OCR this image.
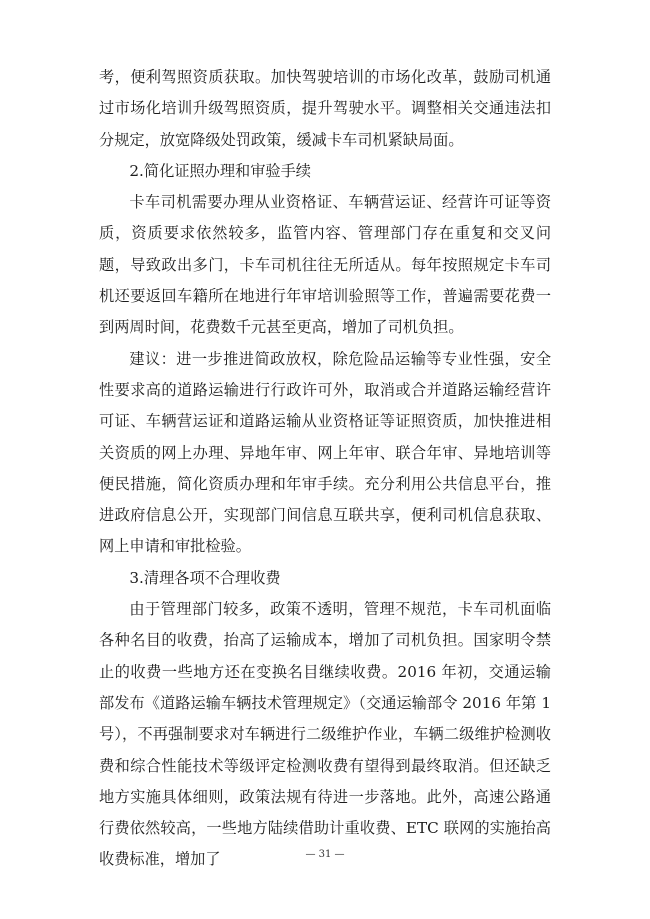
考，便利驾照资质获取。加快驾驶培训的市场化改革，鼓励司机通过市场化培训升级驾照资质，提升驾驶水平。调整相关交通违法扣分规定，放宽降级处罚政策，缓减卡车司机紧缺局面。

2.简化证照办理和审验手续

卡车司机需要办理从业资格证、车辆营运证、经营许可证等资质，资质要求依然较多，监管内容、管理部门存在重复和交叉问题，导致政出多门，卡车司机往往无所适从。每年按照规定卡车司机还要返回车籍所在地进行年审培训验照等工作，普遍需要花费一到两周时间，花费数千元甚至更高，增加了司机负担。

建议：进一步推进简政放权，除危险品运输等专业性强，安全性要求高的道路运输进行行政许可外，取消或合并道路运输经营许可证、车辆营运证和道路运输从业资格证等证照资质，加快推进相关资质的网上办理、异地年审、网上年审、联合年审、异地培训等便民措施，简化资质办理和年审手续。充分利用公共信息平台，推进政府信息公开，实现部门间信息互联共享，便利司机信息获取、网上申请和审批检验。

3.清理各项不合理收费

由于管理部门较多，政策不透明，管理不规范，卡车司机面临各种名目的收费，抬高了运输成本，增加了司机负担。国家明令禁止的收费一些地方还在变换名目继续收费。2016 年初，交通运输部发布《道路运输车辆技术管理规定》（交通运输部令 2016 年第 1 号），不再强制要求对车辆进行二级维护作业，车辆二级维护检测收费和综合性能技术等级评定检测收费有望得到最终取消。但还缺乏地方实施具体细则，政策法规有待进一步落地。此外，高速公路通行费依然较高，一些地方陆续借助计重收费、ETC 联网的实施抬高收费标准，增加了	— 31 —
